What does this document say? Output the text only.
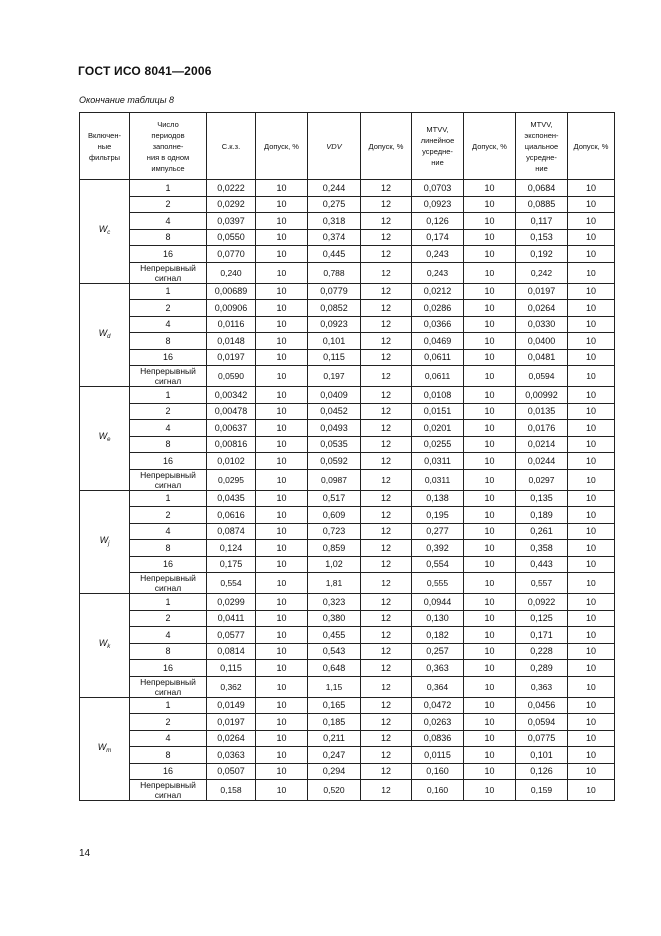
ГОСТ ИСО 8041—2006
Окончание таблицы 8
Включен-
ные
фильтры	Число
периодов
заполне-
ния в одном
импульсе	С.к.з.	Допуск, %	VDV	Допуск, %	MTVV,
линейное
усредне-
ние	Допуск, %	MTVV,
экспонен-
циальное
усредне-
ние	Допуск, %
$W_c$	1	0,0222	10	0,244	12	0,0703	10	0,0684	10
	2	0,0292	10	0,275	12	0,0923	10	0,0885	10
	4	0,0397	10	0,318	12	0,126	10	0,117	10
	8	0,0550	10	0,374	12	0,174	10	0,153	10
	16	0,0770	10	0,445	12	0,243	10	0,192	10
	Непрерывный
сигнал	0,240	10	0,788	12	0,243	10	0,242	10
$W_d$	1	0,00689	10	0,0779	12	0,0212	10	0,0197	10
	2	0,00906	10	0,0852	12	0,0286	10	0,0264	10
	4	0,0116	10	0,0923	12	0,0366	10	0,0330	10
	8	0,0148	10	0,101	12	0,0469	10	0,0400	10
	16	0,0197	10	0,115	12	0,0611	10	0,0481	10
	Непрерывный
сигнал	0,0590	10	0,197	12	0,0611	10	0,0594	10
$W_e$	1	0,00342	10	0,0409	12	0,0108	10	0,00992	10
	2	0,00478	10	0,0452	12	0,0151	10	0,0135	10
	4	0,00637	10	0,0493	12	0,0201	10	0,0176	10
	8	0,00816	10	0,0535	12	0,0255	10	0,0214	10
	16	0,0102	10	0,0592	12	0,0311	10	0,0244	10
	Непрерывный
сигнал	0,0295	10	0,0987	12	0,0311	10	0,0297	10
$W_j$	1	0,0435	10	0,517	12	0,138	10	0,135	10
	2	0,0616	10	0,609	12	0,195	10	0,189	10
	4	0,0874	10	0,723	12	0,277	10	0,261	10
	8	0,124	10	0,859	12	0,392	10	0,358	10
	16	0,175	10	1,02	12	0,554	10	0,443	10
	Непрерывный
сигнал	0,554	10	1,81	12	0,555	10	0,557	10
$W_k$	1	0,0299	10	0,323	12	0,0944	10	0,0922	10
	2	0,0411	10	0,380	12	0,130	10	0,125	10
	4	0,0577	10	0,455	12	0,182	10	0,171	10
	8	0,0814	10	0,543	12	0,257	10	0,228	10
	16	0,115	10	0,648	12	0,363	10	0,289	10
	Непрерывный
сигнал	0,362	10	1,15	12	0,364	10	0,363	10
$W_m$	1	0,0149	10	0,165	12	0,0472	10	0,0456	10
	2	0,0197	10	0,185	12	0,0263	10	0,0594	10
	4	0,0264	10	0,211	12	0,0836	10	0,0775	10
	8	0,0363	10	0,247	12	0,0115	10	0,101	10
	16	0,0507	10	0,294	12	0,160	10	0,126	10
	Непрерывный
сигнал	0,158	10	0,520	12	0,160	10	0,159	10
14
